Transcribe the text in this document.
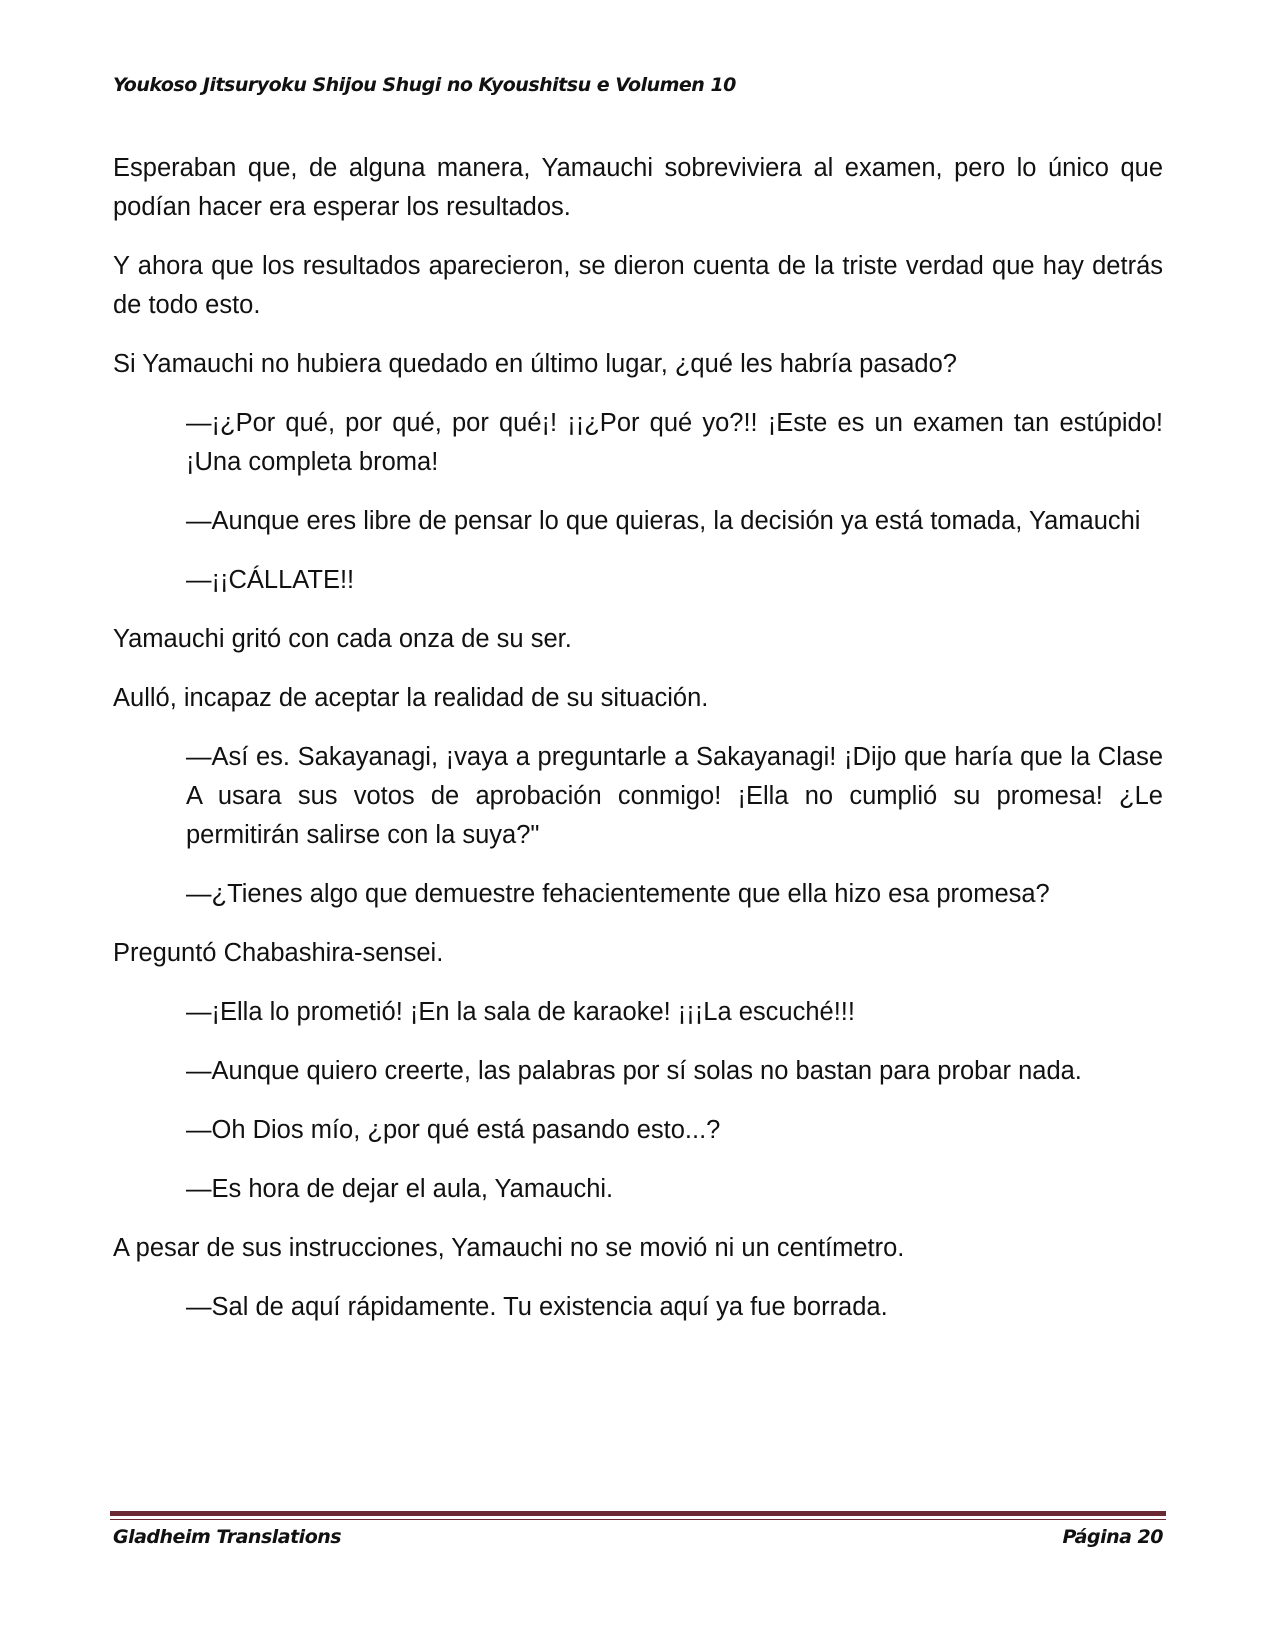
Youkoso Jitsuryoku Shijou Shugi no Kyoushitsu e Volumen 10

Esperaban que, de alguna manera, Yamauchi sobreviviera al examen, pero lo único que podían hacer era esperar los resultados.

Y ahora que los resultados aparecieron, se dieron cuenta de la triste verdad que hay detrás de todo esto.

Si Yamauchi no hubiera quedado en último lugar, ¿qué les habría pasado?

—¡¿Por qué, por qué, por qué¡! ¡¡¿Por qué yo?!! ¡Este es un examen tan estúpido! ¡Una completa broma!

—Aunque eres libre de pensar lo que quieras, la decisión ya está tomada, Yamauchi

—¡¡CÁLLATE!!

Yamauchi gritó con cada onza de su ser.

Aulló, incapaz de aceptar la realidad de su situación.

—Así es. Sakayanagi, ¡vaya a preguntarle a Sakayanagi! ¡Dijo que haría que la Clase A usara sus votos de aprobación conmigo! ¡Ella no cumplió su promesa! ¿Le permitirán salirse con la suya?"

—¿Tienes algo que demuestre fehacientemente que ella hizo esa promesa?

Preguntó Chabashira-sensei.

—¡Ella lo prometió! ¡En la sala de karaoke! ¡¡¡La escuché!!!

—Aunque quiero creerte, las palabras por sí solas no bastan para probar nada.

—Oh Dios mío, ¿por qué está pasando esto...?

—Es hora de dejar el aula, Yamauchi.

A pesar de sus instrucciones, Yamauchi no se movió ni un centímetro.

—Sal de aquí rápidamente. Tu existencia aquí ya fue borrada.

Gladheim Translations	Página 20
